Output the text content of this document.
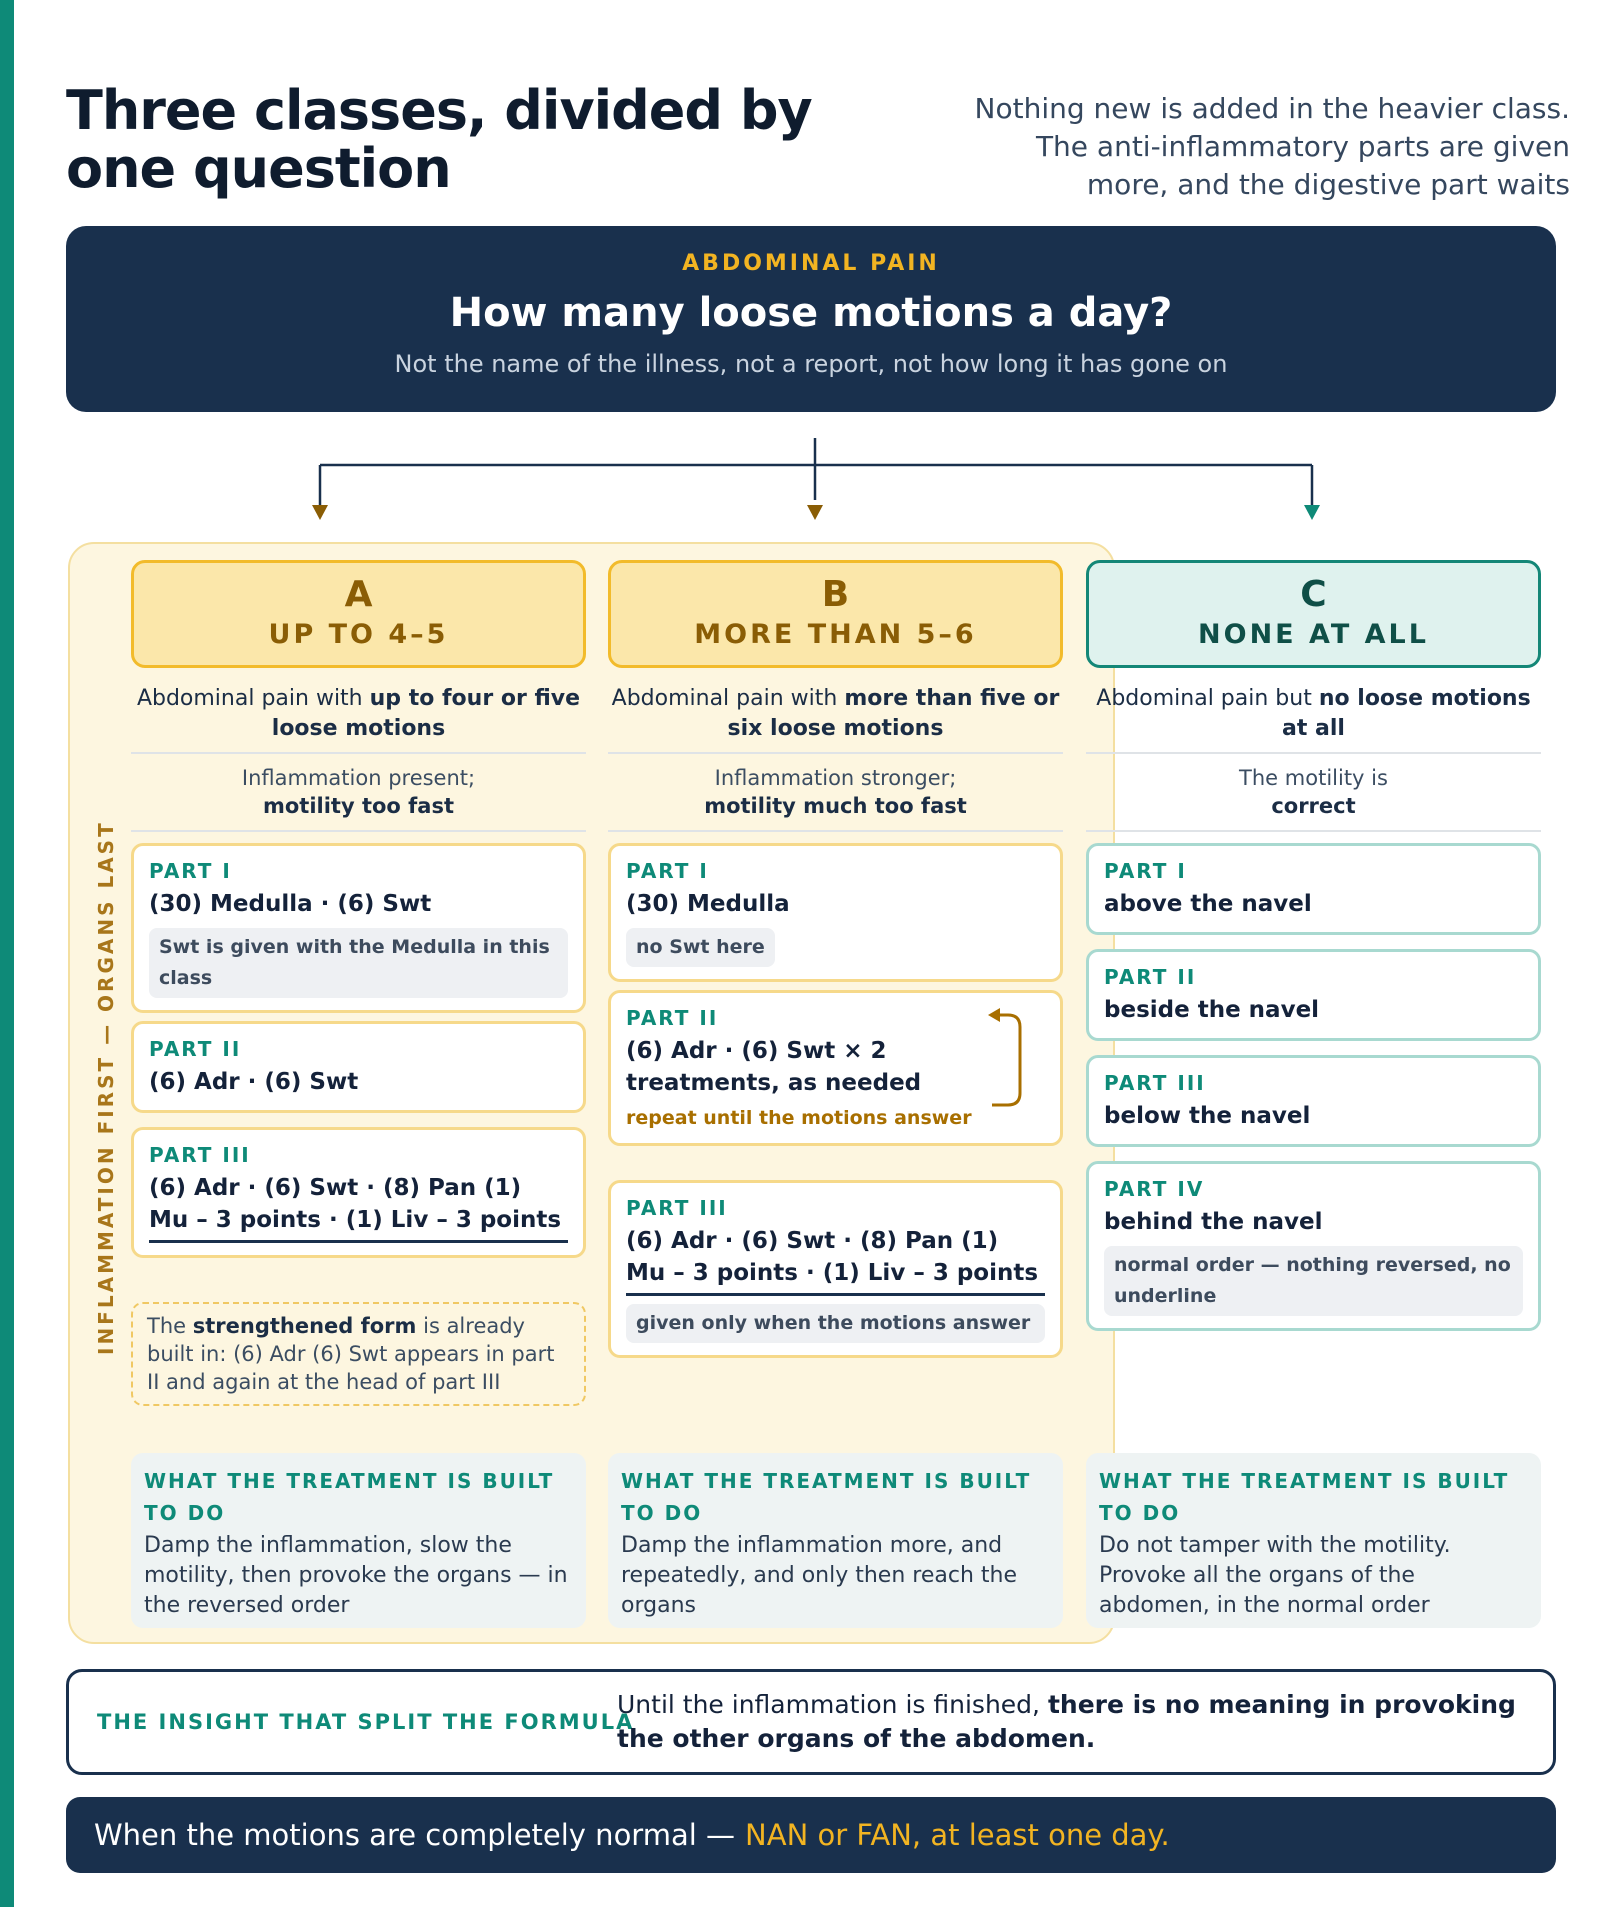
Three classes, divided by one question

Nothing new is added in the heavier class. The anti-inflammatory parts are given more, and the digestive part waits

ABDOMINAL PAIN
How many loose motions a day?
Not the name of the illness, not a report, not how long it has gone on
INFLAMMATION FIRST — ORGANS LAST
A
UP TO 4–5
Abdominal pain with up to four or five loose motions
Inflammation present;
motility too fast
PART I
(30) Medulla · (6) Swt
Swt is given with the Medulla in this class
PART II
(6) Adr · (6) Swt
PART III
(6) Adr · (6) Swt · (8) Pan (1) Mu – 3 points · (1) Liv – 3 points
The strengthened form is already built in: (6) Adr (6) Swt appears in part II and again at the head of part III
B
MORE THAN 5–6
Abdominal pain with more than five or six loose motions
Inflammation stronger;
motility much too fast
PART I
(30) Medulla
no Swt here
PART II
(6) Adr · (6) Swt × 2 treatments, as needed
repeat until the motions answer
PART III
(6) Adr · (6) Swt · (8) Pan (1) Mu – 3 points · (1) Liv – 3 points
given only when the motions answer
C
NONE AT ALL
Abdominal pain but no loose motions at all
The motility is
correct
PART I
above the navel
PART II
beside the navel
PART III
below the navel
PART IV
behind the navel
normal order — nothing reversed, no underline
WHAT THE TREATMENT IS BUILT TO DO
Damp the inflammation, slow the motility, then provoke the organs — in the reversed order
WHAT THE TREATMENT IS BUILT TO DO
Damp the inflammation more, and repeatedly, and only then reach the organs
WHAT THE TREATMENT IS BUILT TO DO
Do not tamper with the motility. Provoke all the organs of the abdomen, in the normal order
THE INSIGHT THAT SPLIT THE FORMULA
Until the inflammation is finished, there is no meaning in provoking the other organs of the abdomen.
When the motions are completely normal — NAN or FAN, at least one day.
